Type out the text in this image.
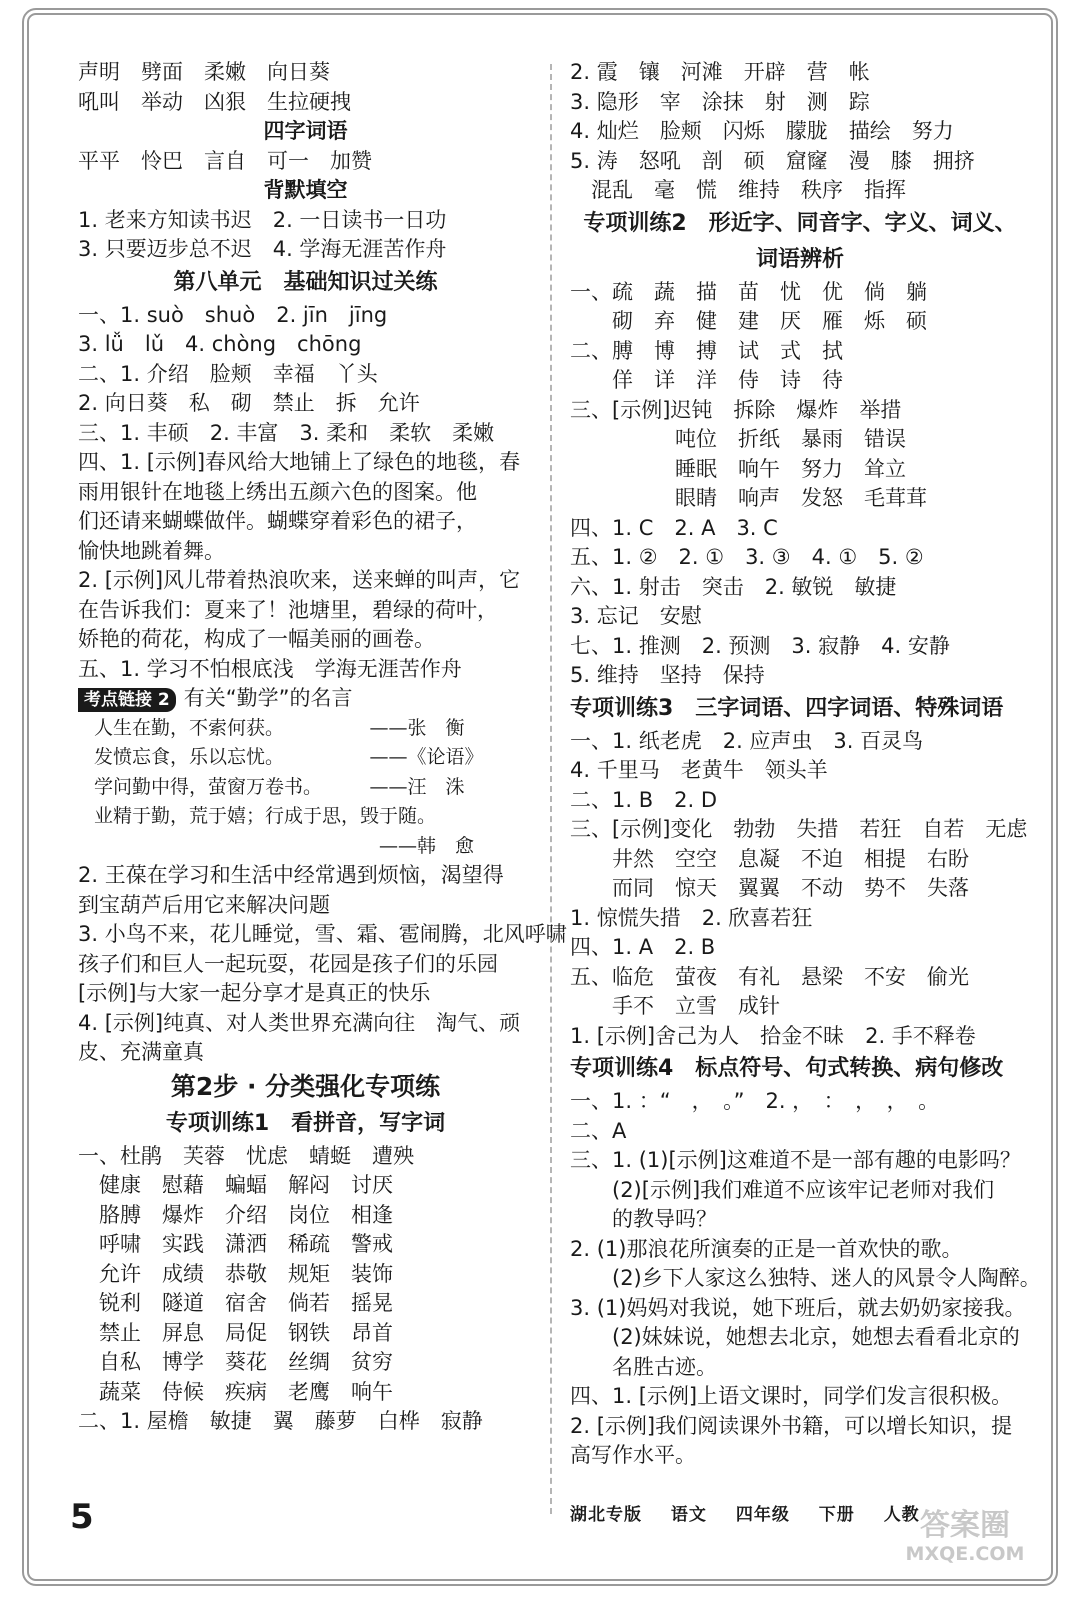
声明　劈面　柔嫩　向日葵
吼叫　举动　凶狠　生拉硬拽
四字词语
平平　怜巴　言自　可一　加赞
背默填空
1. 老来方知读书迟　2. 一日读书一日功
3. 只要迈步总不迟　4. 学海无涯苦作舟
第八单元　基础知识过关练
一、1. suò　shuò　2. jīn　jīng
3. lǚ　lǔ　4. chòng　chōng
二、1. 介绍　脸颊　幸福　丫头
2. 向日葵　私　砌　禁止　拆　允许
三、1. 丰硕　2. 丰富　3. 柔和　柔软　柔嫩
四、1. [示例]春风给大地铺上了绿色的地毯，春
雨用银针在地毯上绣出五颜六色的图案。他
们还请来蝴蝶做伴。蝴蝶穿着彩色的裙子，
愉快地跳着舞。
2. [示例]风儿带着热浪吹来，送来蝉的叫声，它
在告诉我们：夏来了！池塘里，碧绿的荷叶，
娇艳的荷花，构成了一幅美丽的画卷。
五、1. 学习不怕根底浅　学海无涯苦作舟
考点链接 2 有关“勤学”的名言
人生在勤，不索何获。　　　　　——张　衡
发愤忘食，乐以忘忧。　　　　　——《论语》
学问勤中得，萤窗万卷书。　　　——汪　洙
业精于勤，荒于嬉；行成于思，毁于随。
　　　　　　　　　　　　　　　——韩　愈
2. 王葆在学习和生活中经常遇到烦恼，渴望得
到宝葫芦后用它来解决问题
3. 小鸟不来，花儿睡觉，雪、霜、雹闹腾，北风呼啸
孩子们和巨人一起玩耍，花园是孩子们的乐园
[示例]与大家一起分享才是真正的快乐
4. [示例]纯真、对人类世界充满向往　淘气、顽
皮、充满童真
第2步 · 分类强化专项练
专项训练1　看拼音，写字词
一、杜鹃　芙蓉　忧虑　蜻蜓　遭殃
　健康　慰藉　蝙蝠　解闷　讨厌
　胳膊　爆炸　介绍　岗位　相逢
　呼啸　实践　潇洒　稀疏　警戒
　允许　成绩　恭敬　规矩　装饰
　锐利　隧道　宿舍　倘若　摇晃
　禁止　屏息　局促　钢铁　昂首
　自私　博学　葵花　丝绸　贫穷
　蔬菜　侍候　疾病　老鹰　响午
二、1. 屋檐　敏捷　翼　藤萝　白桦　寂静
2. 霞　镶　河滩　开辟　营　帐
3. 隐形　宰　涂抹　射　测　踪
4. 灿烂　脸颊　闪烁　朦胧　描绘　努力
5. 涛　怒吼　剖　硕　窟窿　漫　膝　拥挤
　混乱　毫　慌　维持　秩序　指挥
专项训练2　形近字、同音字、字义、词义、
词语辨析
一、疏　蔬　描　苗　忧　优　倘　躺
　　砌　弃　健　建　厌　雁　烁　硕
二、膊　博　搏　试　式　拭
　　佯　详　洋　侍　诗　待
三、[示例]迟钝　拆除　爆炸　举措
　　　　　吨位　折纸　暴雨　错误
　　　　　睡眠　响午　努力　耸立
　　　　　眼睛　响声　发怒　毛茸茸
四、1. C　2. A　3. C
五、1. ②　2. ①　3. ③　4. ①　5. ②
六、1. 射击　突击　2. 敏锐　敏捷
3. 忘记　安慰
七、1. 推测　2. 预测　3. 寂静　4. 安静
5. 维持　坚持　保持
专项训练3　三字词语、四字词语、特殊词语
一、1. 纸老虎　2. 应声虫　3. 百灵鸟
4. 千里马　老黄牛　领头羊
二、1. B　2. D
三、[示例]变化　勃勃　失措　若狂　自若　无虑
　　井然　空空　息凝　不迫　相提　右盼
　　而同　惊天　翼翼　不动　势不　失落
1. 惊慌失措　2. 欣喜若狂
四、1. A　2. B
五、临危　萤夜　有礼　悬梁　不安　偷光
　　手不　立雪　成针
1. [示例]舍己为人　拾金不昧　2. 手不释卷
专项训练4　标点符号、句式转换、病句修改
一、1. ：“　，　。”　2. ，　：　，　，　。
二、A
三、1. (1)[示例]这难道不是一部有趣的电影吗？
　　(2)[示例]我们难道不应该牢记老师对我们
　　的教导吗？
2. (1)那浪花所演奏的正是一首欢快的歌。
　　(2)乡下人家这么独特、迷人的风景令人陶醉。
3. (1)妈妈对我说，她下班后，就去奶奶家接我。
　　(2)妹妹说，她想去北京，她想去看看北京的
　　名胜古迹。
四、1. [示例]上语文课时，同学们发言很积极。
2. [示例]我们阅读课外书籍，可以增长知识，提
高写作水平。
5	湖北专版 语文 四年级 下册 人教 答案圈
MXQE.COM
